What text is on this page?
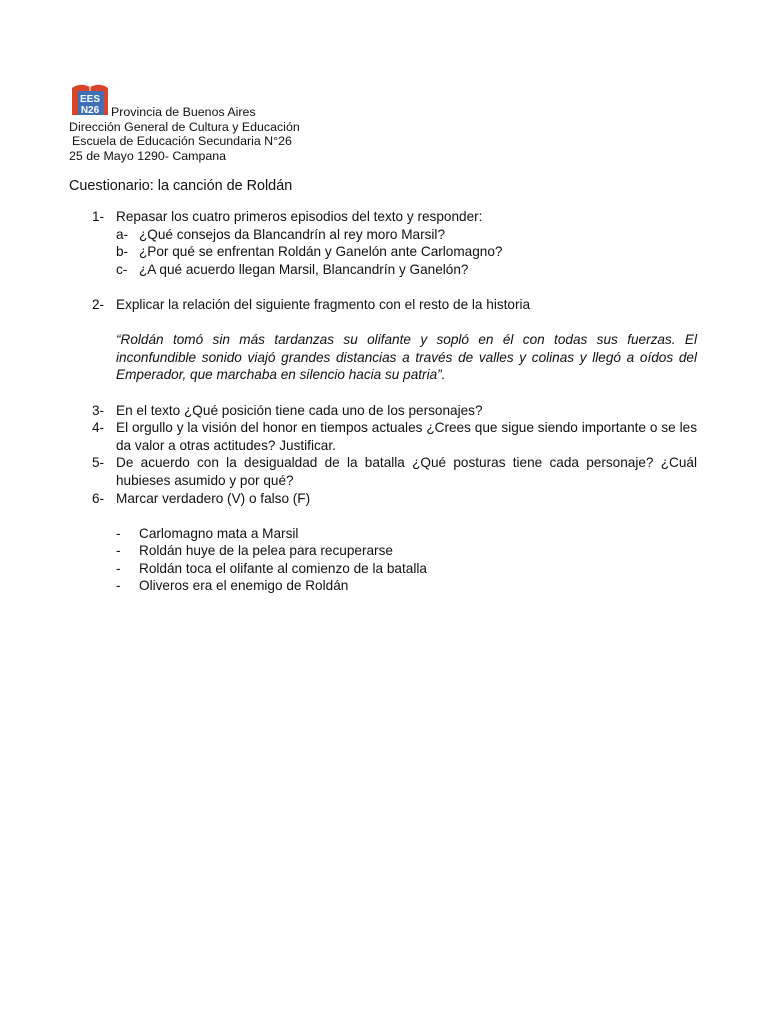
EES
N26 Provincia de Buenos Aires
Dirección General de Cultura y Educación
Escuela de Educación Secundaria N°26
25 de Mayo 1290- Campana
Cuestionario: la canción de Roldán
1- Repasar los cuatro primeros episodios del texto y responder:
a- ¿Qué consejos da Blancandrín al rey moro Marsil?
b- ¿Por qué se enfrentan Roldán y Ganelón ante Carlomagno?
c- ¿A qué acuerdo llegan Marsil, Blancandrín y Ganelón?
2- Explicar la relación del siguiente fragmento con el resto de la historia
“Roldán tomó sin más tardanzas su olifante y sopló en él con todas sus fuerzas. El inconfundible sonido viajó grandes distancias a través de valles y colinas y llegó a oídos del Emperador, que marchaba en silencio hacia su patria”.
3- En el texto ¿Qué posición tiene cada uno de los personajes?
4- El orgullo y la visión del honor en tiempos actuales ¿Crees que sigue siendo importante o se les da valor a otras actitudes? Justificar.
5- De acuerdo con la desigualdad de la batalla ¿Qué posturas tiene cada personaje? ¿Cuál hubieses asumido y por qué?
6- Marcar verdadero (V) o falso (F)
- Carlomagno mata a Marsil
- Roldán huye de la pelea para recuperarse
- Roldán toca el olifante al comienzo de la batalla
- Oliveros era el enemigo de Roldán
